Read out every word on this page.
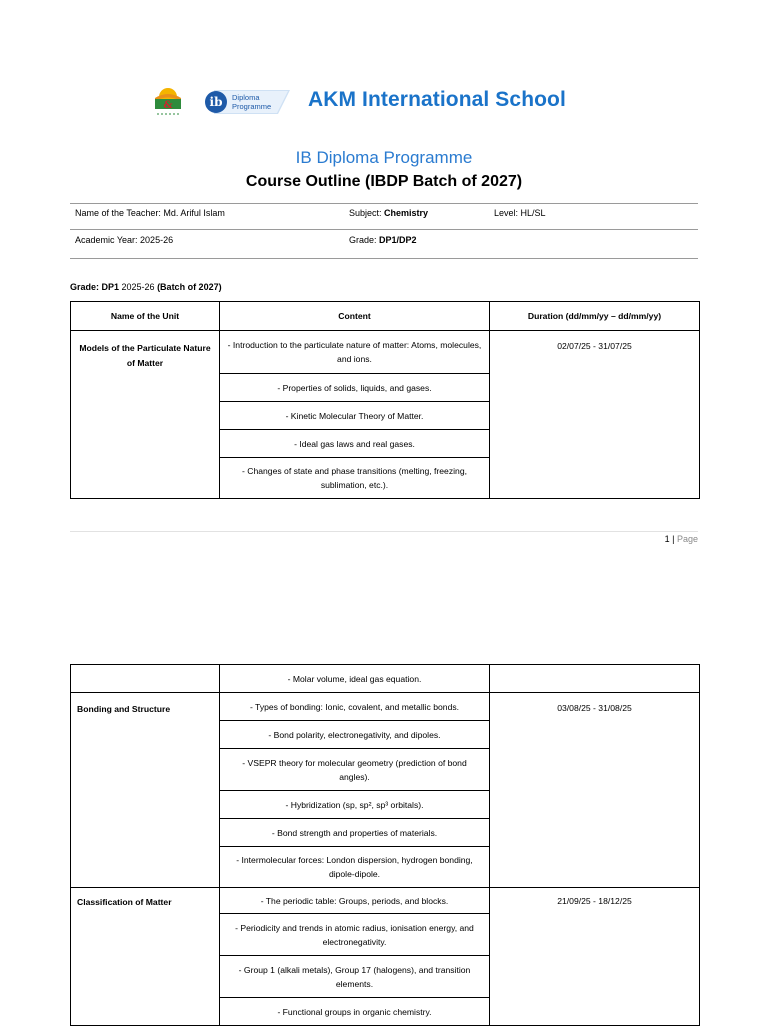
&	ib Diploma
Programme AKM International School
IB Diploma Programme
Course Outline (IBDP Batch of 2027)
Name of the Teacher: Md. Ariful Islam	Subject: Chemistry	Level: HL/SL
Academic Year: 2025-26	Grade: DP1/DP2
Grade: DP1 2025-26 (Batch of 2027)
Name of the Unit	Content	Duration (dd/mm/yy – dd/mm/yy)
Models of the Particulate Nature of Matter	- Introduction to the particulate nature of matter: Atoms, molecules, and ions.	02/07/25 - 31/07/25
	- Properties of solids, liquids, and gases.	
	- Kinetic Molecular Theory of Matter.	
	- Ideal gas laws and real gases.	
	- Changes of state and phase transitions (melting, freezing, sublimation, etc.).	
1 | Page
	- Molar volume, ideal gas equation.	
Bonding and Structure	- Types of bonding: Ionic, covalent, and metallic bonds.	03/08/25 - 31/08/25
	- Bond polarity, electronegativity, and dipoles.	
	- VSEPR theory for molecular geometry (prediction of bond angles).	
	- Hybridization (sp, sp², sp³ orbitals).	
	- Bond strength and properties of materials.	
	- Intermolecular forces: London dispersion, hydrogen bonding, dipole-dipole.	
Classification of Matter	- The periodic table: Groups, periods, and blocks.	21/09/25 - 18/12/25
	- Periodicity and trends in atomic radius, ionisation energy, and electronegativity.	
	- Group 1 (alkali metals), Group 17 (halogens), and transition elements.	
	- Functional groups in organic chemistry.	
